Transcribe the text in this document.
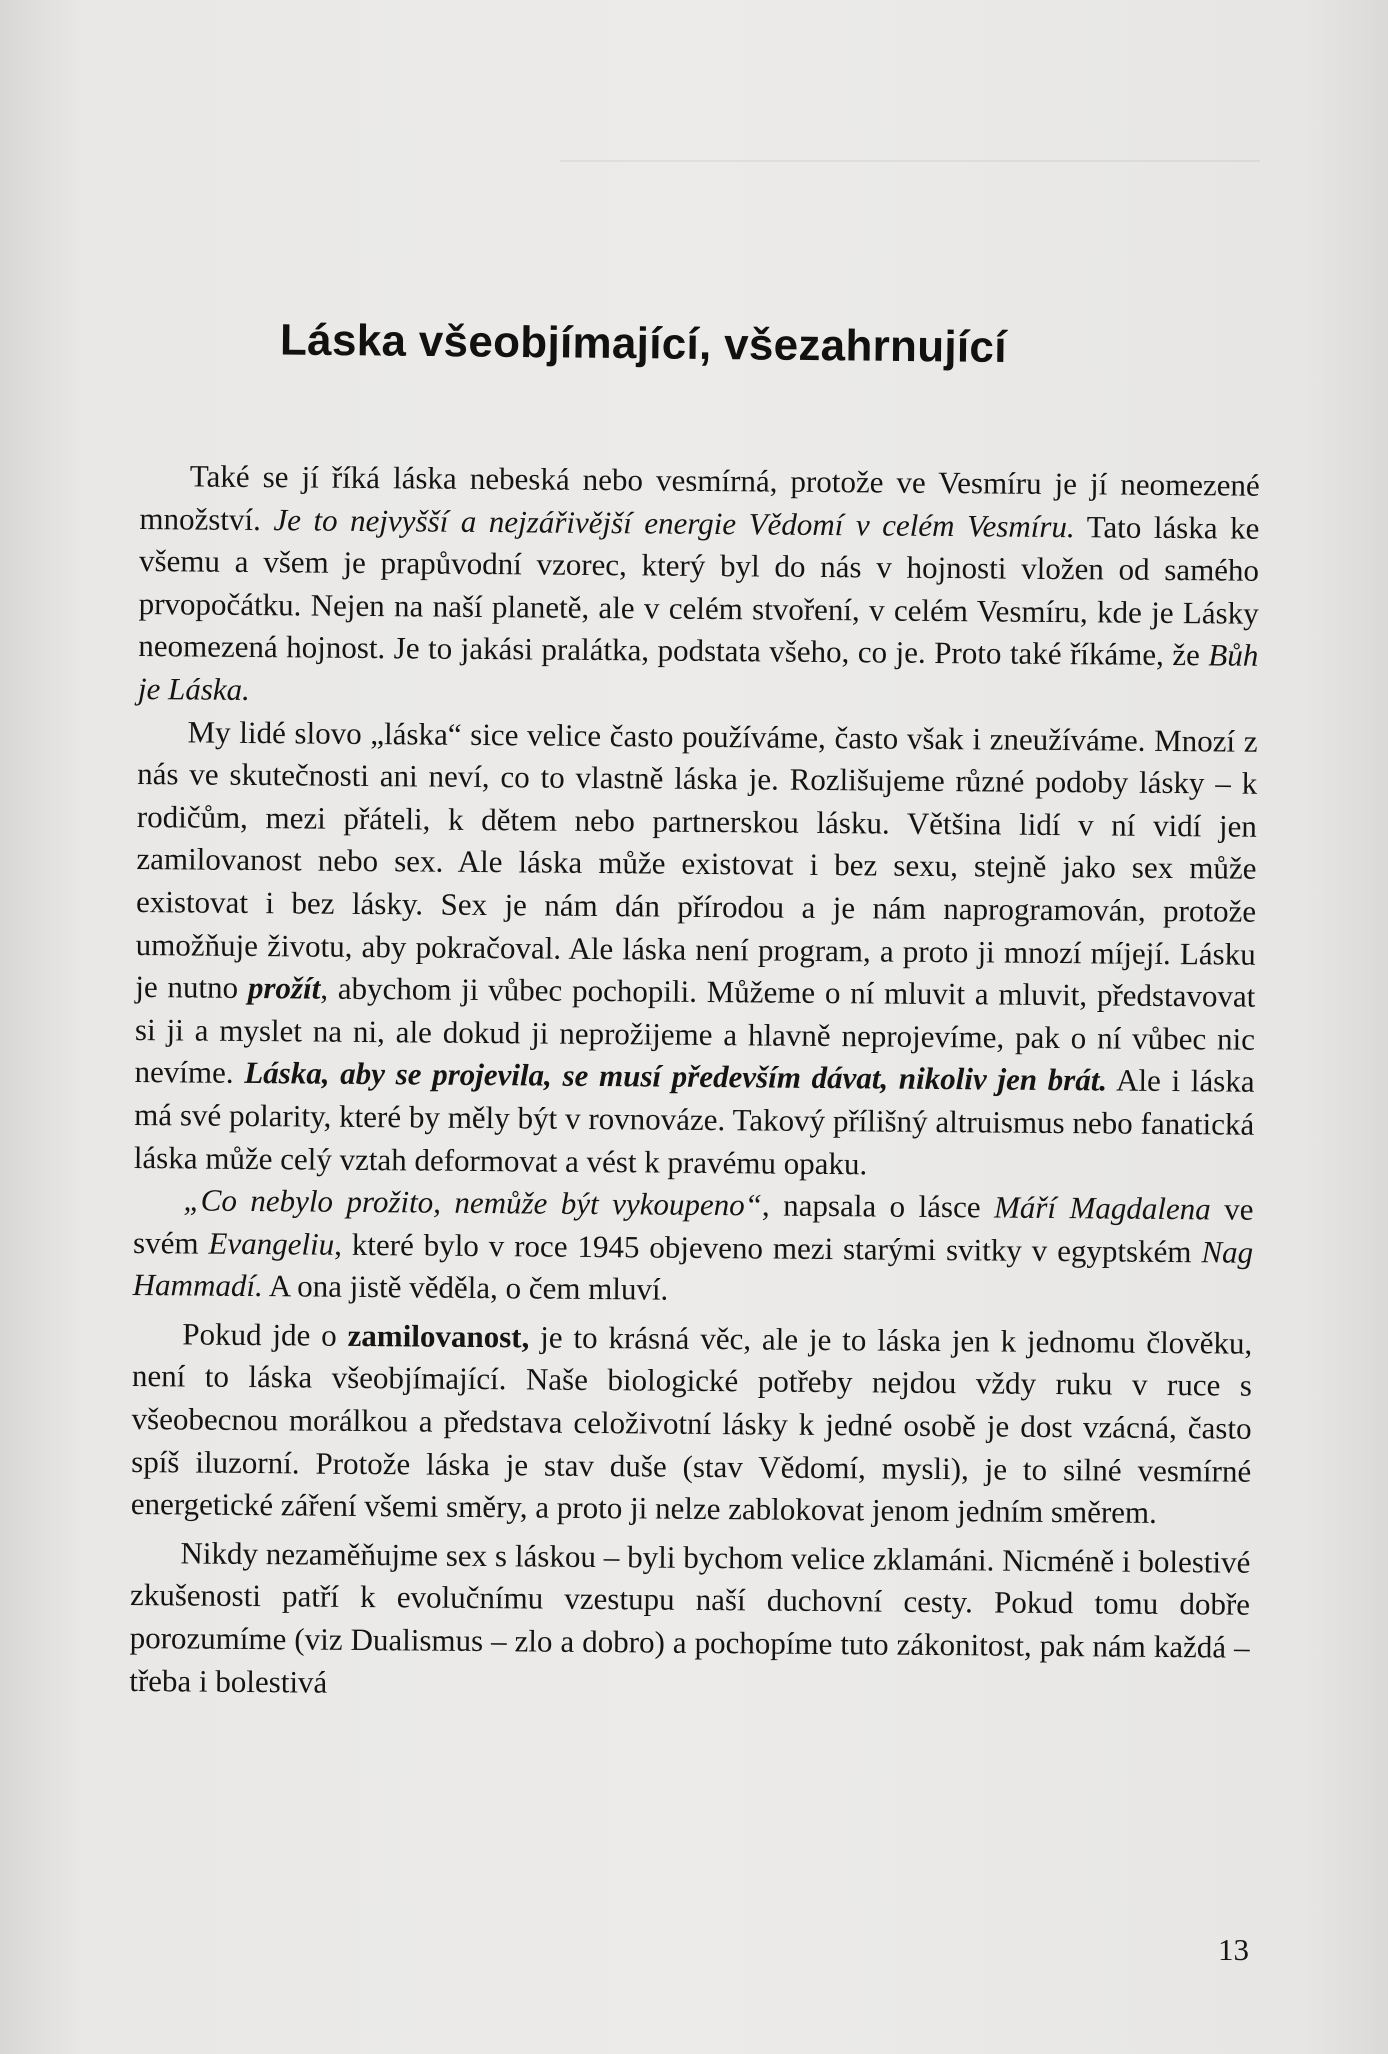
Láska všeobjímající, všezahrnující

Také se jí říká láska nebeská nebo vesmírná, protože ve Vesmíru je jí neomezené množství. Je to nejvyšší a nejzářivější energie Vědomí v celém Vesmíru. Tato láska ke všemu a všem je prapůvodní vzorec, který byl do nás v hojnosti vložen od samého prvopočátku. Nejen na naší planetě, ale v celém stvoření, v celém Vesmíru, kde je Lásky neomezená hojnost. Je to jakási pralátka, podstata všeho, co je. Proto také říkáme, že Bůh je Láska.

My lidé slovo „láska“ sice velice často používáme, často však i zneužíváme. Mnozí z nás ve skutečnosti ani neví, co to vlastně láska je. Rozlišujeme různé podoby lásky – k rodičům, mezi přáteli, k dětem nebo partnerskou lásku. Většina lidí v ní vidí jen zamilovanost nebo sex. Ale láska může existovat i bez sexu, stejně jako sex může existovat i bez lásky. Sex je nám dán přírodou a je nám naprogramován, protože umožňuje životu, aby pokračoval. Ale láska není program, a proto ji mnozí míjejí. Lásku je nutno prožít, abychom ji vůbec pochopili. Můžeme o ní mluvit a mluvit, představovat si ji a myslet na ni, ale dokud ji neprožijeme a hlavně neprojevíme, pak o ní vůbec nic nevíme. Láska, aby se projevila, se musí především dávat, nikoliv jen brát. Ale i láska má své polarity, které by měly být v rovnováze. Takový přílišný altruismus nebo fanatická láska může celý vztah deformovat a vést k pravému opaku.

„Co nebylo prožito, nemůže být vykoupeno“, napsala o lásce Máří Magdalena ve svém Evangeliu, které bylo v roce 1945 objeveno mezi starými svitky v egyptském Nag Hammadí. A ona jistě věděla, o čem mluví.

Pokud jde o zamilovanost, je to krásná věc, ale je to láska jen k jednomu člověku, není to láska všeobjímající. Naše biologické potřeby nejdou vždy ruku v ruce s všeobecnou morálkou a představa celoživotní lásky k jedné osobě je dost vzácná, často spíš iluzorní. Protože láska je stav duše (stav Vědomí, mysli), je to silné vesmírné energetické záření všemi směry, a proto ji nelze zablokovat jenom jedním směrem.

Nikdy nezaměňujme sex s láskou – byli bychom velice zklamáni. Nicméně i bolestivé zkušenosti patří k evolučnímu vzestupu naší duchovní cesty. Pokud tomu dobře porozumíme (viz Dualismus – zlo a dobro) a pochopíme tuto zákonitost, pak nám každá – třeba i bolestivá

13
